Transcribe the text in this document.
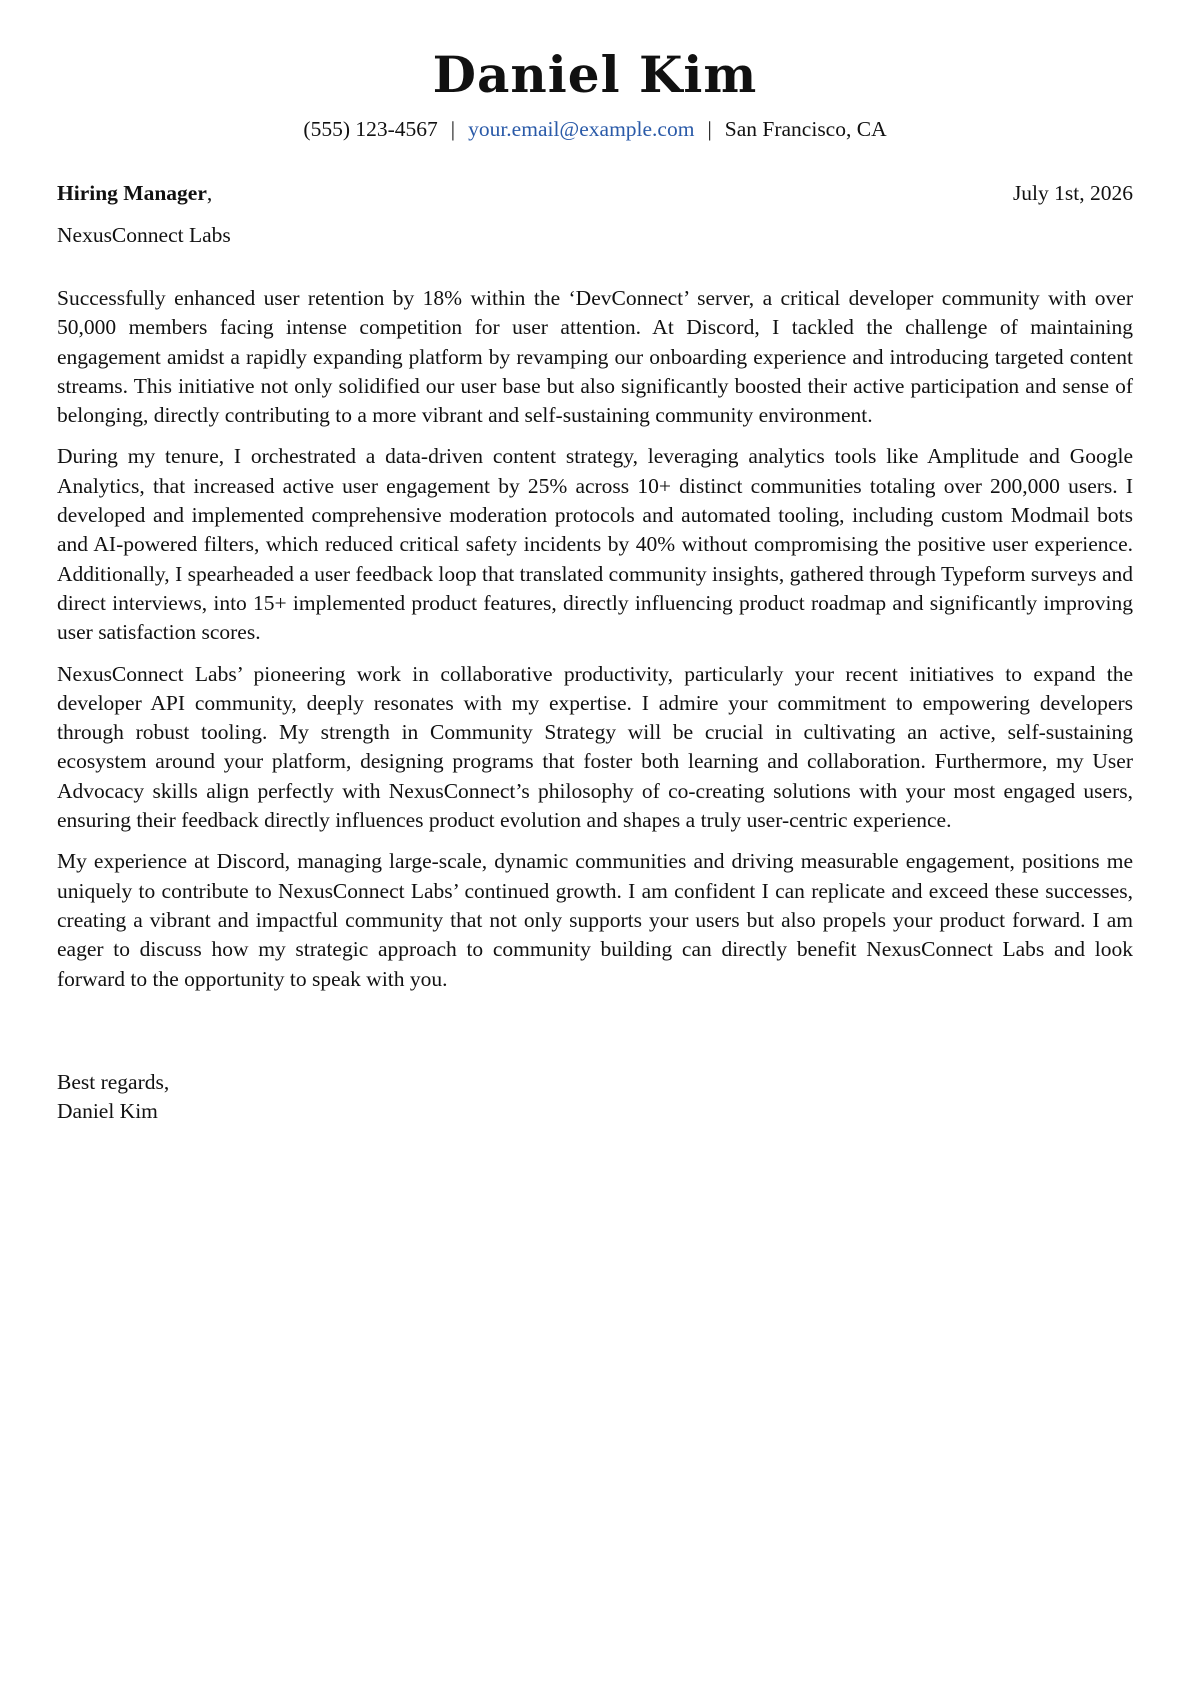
Daniel Kim
(555) 123-4567 | your.email@example.com | San Francisco, CA
Hiring Manager,	July 1st, 2026
NexusConnect Labs

Successfully enhanced user retention by 18% within the ‘DevConnect’ server, a critical developer community with over 50,000 members facing intense competition for user attention. At Discord, I tackled the challenge of maintaining engagement amidst a rapidly expanding platform by revamping our onboarding experience and introducing targeted content streams. This initiative not only solidified our user base but also significantly boosted their active participation and sense of belonging, directly contributing to a more vibrant and self-sustaining community environment.

During my tenure, I orchestrated a data-driven content strategy, leveraging analytics tools like Amplitude and Google Analytics, that increased active user engagement by 25% across 10+ distinct communities totaling over 200,000 users. I developed and implemented comprehensive moderation protocols and automated tooling, including custom Modmail bots and AI-powered filters, which reduced critical safety incidents by 40% without compromising the positive user experience. Additionally, I spearheaded a user feedback loop that translated community insights, gathered through Typeform surveys and direct interviews, into 15+ implemented product features, directly influencing product roadmap and significantly improving user satisfaction scores.

NexusConnect Labs’ pioneering work in collaborative productivity, particularly your recent initiatives to expand the developer API community, deeply resonates with my expertise. I admire your commitment to empowering developers through robust tooling. My strength in Community Strategy will be crucial in cultivating an active, self-sustaining ecosystem around your platform, designing programs that foster both learning and collaboration. Furthermore, my User Advocacy skills align perfectly with NexusConnect’s philosophy of co-creating solutions with your most engaged users, ensuring their feedback directly influences product evolution and shapes a truly user-centric experience.

My experience at Discord, managing large-scale, dynamic communities and driving measurable engagement, positions me uniquely to contribute to NexusConnect Labs’ continued growth. I am confident I can replicate and exceed these successes, creating a vibrant and impactful community that not only supports your users but also propels your product forward. I am eager to discuss how my strategic approach to community building can directly benefit NexusConnect Labs and look forward to the opportunity to speak with you.

Best regards,
Daniel Kim
